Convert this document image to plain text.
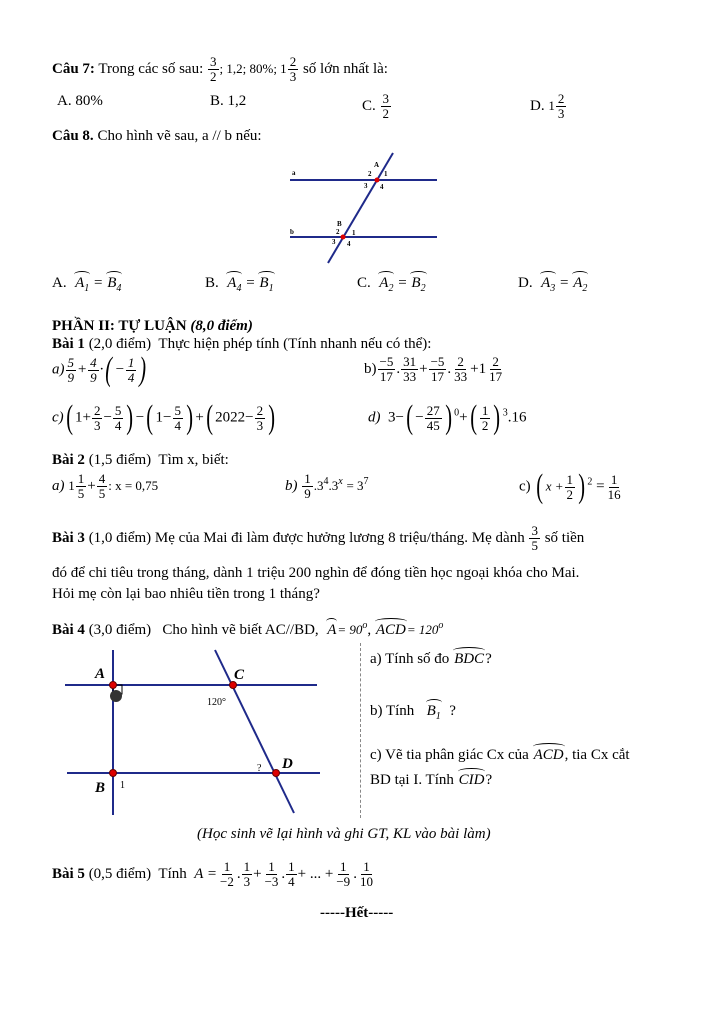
Câu 7: Trong các số sau: $\frac{3}{2}$ ; 1,2; 80%; $1 \frac{2}{3}$ số lớn nhất là:
A. 80%	B. 1,2	C. $\frac{3}{2}$	D. $1 \frac{2}{3}$
Câu 8. Cho hình vẽ sau, a // b nếu:
a
b
A
2 1
3 4
B
2 1
3 4
A. $A_1 = B_4$	B. $A_4 = B_1$	C. $A_2 = B_2$	D. $A_3 = A_2$
PHẦN II: TỰ LUẬN (8,0 điểm)
Bài 1 (2,0 điểm) Thực hiện phép tính (Tính nhanh nếu có thể):
$a) \frac{5}{9} + \frac{4}{9}$ ·( − $\frac{1}{4}$ )	$b) \frac{-5}{17}$ . $\frac{31}{33} + \frac{-5}{17}$ . $\frac{2}{33} +1 \frac{2}{17}$
c)( $1+ \frac{2}{3} - \frac{5}{4}$ ) −( $1- \frac{5}{4}$ ) +( $2022- \frac{2}{3}$ )	d)  $3-( - \frac{27}{45}$ ) $^0+( \frac{1}{2}$ ) $^3$.16
Bài 2 (1,5 điểm) Tìm x, biết:
a) $1 \frac{1}{5} + \frac{4}{5}$ : x = 0,75	$b) \frac{1}{9} .3^4.3^x = 3^7$	c) ( $x + \frac{1}{2}$ ) $^2 = \frac{1}{16}$
Bài 3 (1,0 điểm) Mẹ của Mai đi làm được hưởng lương 8 triệu/tháng. Mẹ dành $\frac{3}{5}$ số tiền
đó để chi tiêu trong tháng, dành 1 triệu 200 nghìn để đóng tiền học ngoại khóa cho Mai.
Hỏi mẹ còn lại bao nhiêu tiền trong 1 tháng?
Bài 4 (3,0 điểm) Cho hình vẽ biết AC//BD, $A= 90^o$, $ACD= 120^o$
A	C
B
D
120°
?
1
a) Tính số đo BDC?
b) Tính $B_1$ ?
c) Vẽ tia phân giác Cx của ACD, tia Cx cắt
BD tại I. Tính CID?
(Học sinh vẽ lại hình và ghi GT, KL vào bài làm)
Bài 5 (0,5 điểm) Tính $A = \frac{1}{-2}$ . $\frac{1}{3} + \frac{1}{-3}$ . $\frac{1}{4}$ + ... + $\frac{1}{-9}$ . $\frac{1}{10}$
-----Hết-----
